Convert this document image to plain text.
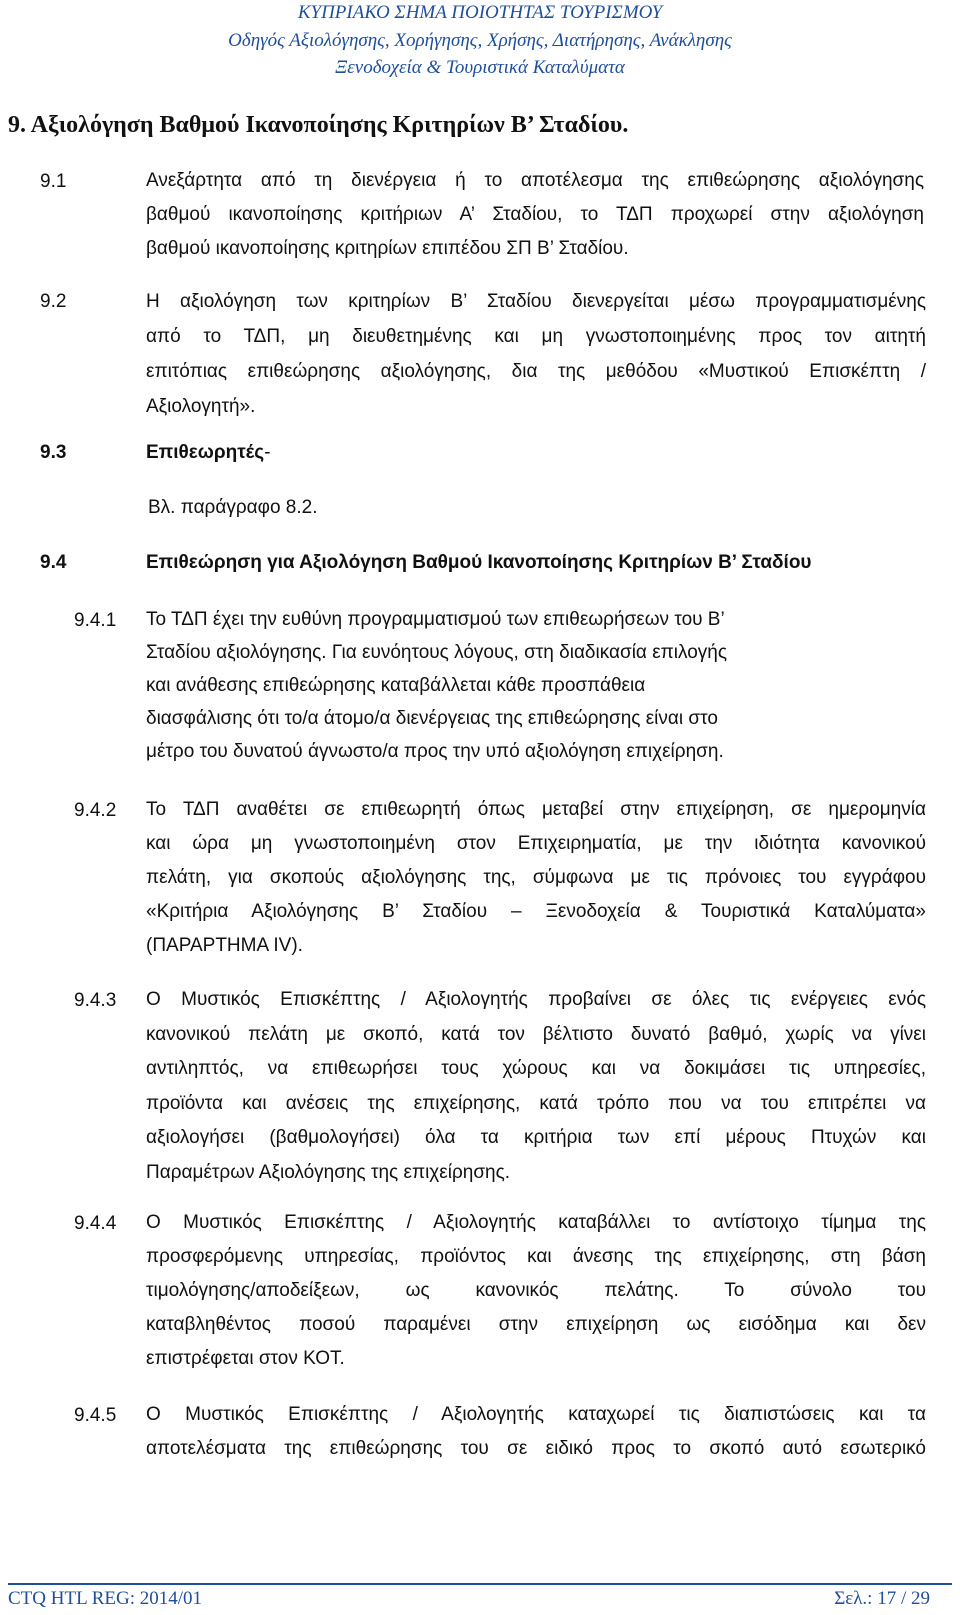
ΚΥΠΡΙΑΚΟ ΣΗΜΑ ΠΟΙΟΤΗΤΑΣ ΤΟΥΡΙΣΜΟΥ
Οδηγός Αξιολόγησης, Χορήγησης, Χρήσης, Διατήρησης, Ανάκλησης
Ξενοδοχεία & Τουριστικά Καταλύματα
9. Αξιολόγηση Βαθμού Ικανοποίησης Κριτηρίων Β’ Σταδίου.
9.1	Ανεξάρτητα από τη διενέργεια ή το αποτέλεσμα της επιθεώρησης αξιολόγησης
βαθμού ικανοποίησης κριτήριων Α’ Σταδίου, το ΤΔΠ προχωρεί στην αξιολόγηση
βαθμού ικανοποίησης κριτηρίων επιπέδου ΣΠ Β’ Σταδίου.
9.2	Η αξιολόγηση των κριτηρίων Β’ Σταδίου διενεργείται μέσω προγραμματισμένης
από το ΤΔΠ, μη διευθετημένης και μη γνωστοποιημένης προς τον αιτητή
επιτόπιας επιθεώρησης αξιολόγησης, δια της μεθόδου «Μυστικού Επισκέπτη /
Αξιολογητή».
9.3	Επιθεωρητές-
Βλ. παράγραφο 8.2.
9.4	Επιθεώρηση για Αξιολόγηση Βαθμού Ικανοποίησης Κριτηρίων Β’ Σταδίου
9.4.1 Το ΤΔΠ έχει την ευθύνη προγραμματισμού των επιθεωρήσεων του Β’
Σταδίου αξιολόγησης. Για ευνόητους λόγους, στη διαδικασία επιλογής
και ανάθεσης επιθεώρησης καταβάλλεται κάθε προσπάθεια
διασφάλισης ότι το/α άτομο/α διενέργειας της επιθεώρησης είναι στο
μέτρο του δυνατού άγνωστο/α προς την υπό αξιολόγηση επιχείρηση.
9.4.2 Το ΤΔΠ αναθέτει σε επιθεωρητή όπως μεταβεί στην επιχείρηση, σε ημερομηνία
και ώρα μη γνωστοποιημένη στον Επιχειρηματία, με την ιδιότητα κανονικού
πελάτη, για σκοπούς αξιολόγησης της, σύμφωνα με τις πρόνοιες του εγγράφου
«Κριτήρια Αξιολόγησης Β’ Σταδίου – Ξενοδοχεία & Τουριστικά Καταλύματα»
(ΠΑΡΑΡΤΗΜΑ IV).
9.4.3 Ο Μυστικός Επισκέπτης / Αξιολογητής προβαίνει σε όλες τις ενέργειες ενός
κανονικού πελάτη με σκοπό, κατά τον βέλτιστο δυνατό βαθμό, χωρίς να γίνει
αντιληπτός, να επιθεωρήσει τους χώρους και να δοκιμάσει τις υπηρεσίες,
προϊόντα και ανέσεις της επιχείρησης, κατά τρόπο που να του επιτρέπει να
αξιολογήσει (βαθμολογήσει) όλα τα κριτήρια των επί μέρους Πτυχών και
Παραμέτρων Αξιολόγησης της επιχείρησης.
9.4.4 Ο Μυστικός Επισκέπτης / Αξιολογητής καταβάλλει το αντίστοιχο τίμημα της
προσφερόμενης υπηρεσίας, προϊόντος και άνεσης της επιχείρησης, στη βάση
τιμολόγησης/αποδείξεων, ως κανονικός πελάτης. Το σύνολο του
καταβληθέντος ποσού παραμένει στην επιχείρηση ως εισόδημα και δεν
επιστρέφεται στον ΚΟΤ.
9.4.5 Ο Μυστικός Επισκέπτης / Αξιολογητής καταχωρεί τις διαπιστώσεις και τα
αποτελέσματα της επιθεώρησης του σε ειδικό προς το σκοπό αυτό εσωτερικό
CTQ HTL REG: 2014/01	Σελ.: 17 / 29
